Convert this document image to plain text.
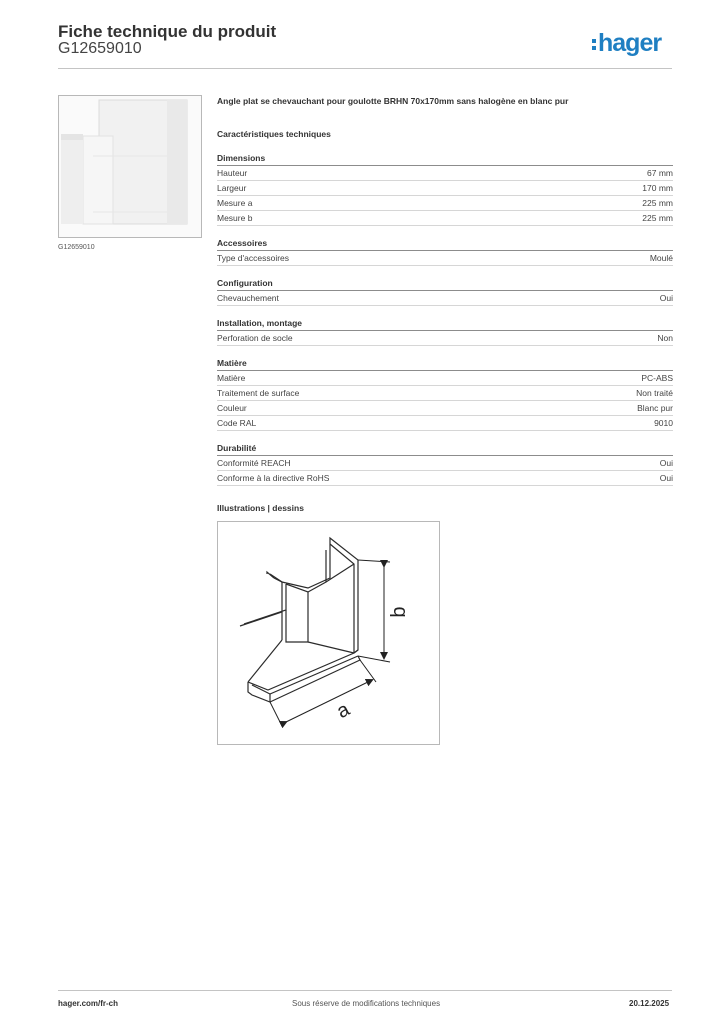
Fiche technique du produit
G12659010	hager
G12659010
Angle plat se chevauchant pour goulotte BRHN 70x170mm sans halogène en blanc pur
Caractéristiques techniques
Dimensions
Hauteur	67 mm
Largeur	170 mm
Mesure a	225 mm
Mesure b	225 mm
Accessoires
Type d'accessoires	Moulé
Configuration
Chevauchement	Oui
Installation, montage
Perforation de socle	Non
Matière
Matière	PC-ABS
Traitement de surface	Non traité
Couleur	Blanc pur
Code RAL	9010
Durabilité
Conformité REACH	Oui
Conforme à la directive RoHS	Oui
Illustrations | dessins
b
a
hager.com/fr-ch	Sous réserve de modifications techniques	20.12.2025
